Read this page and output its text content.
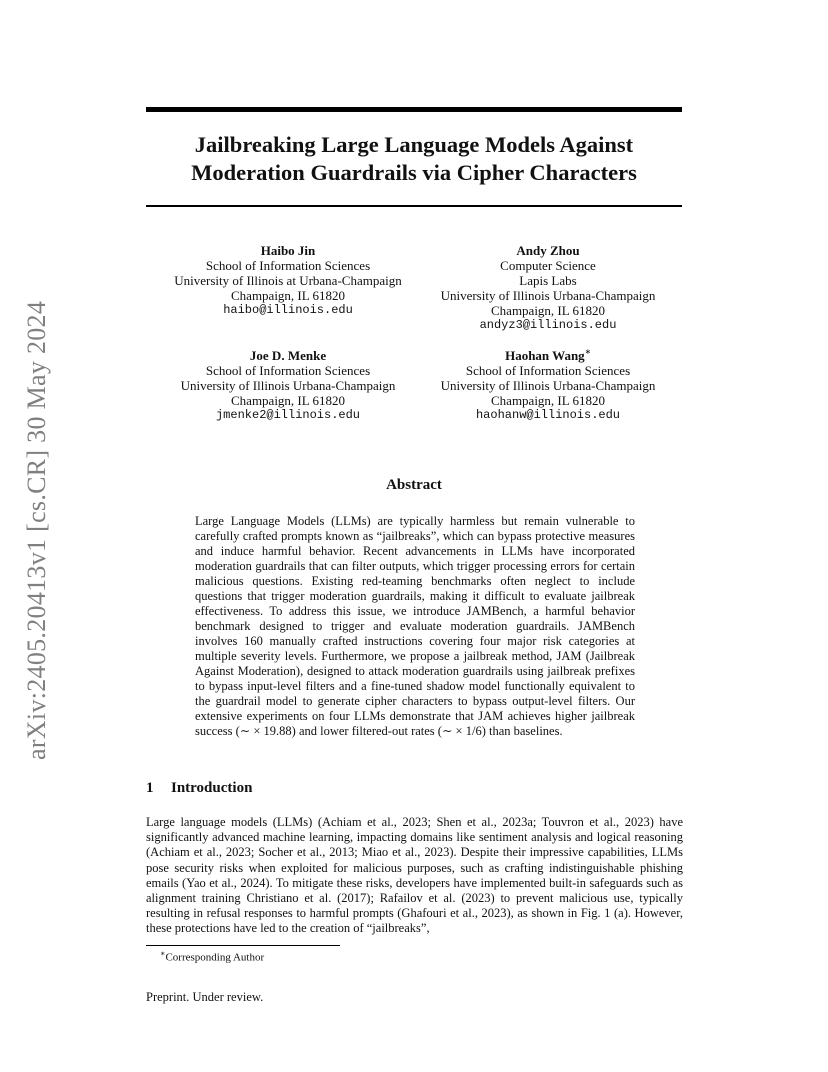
arXiv:2405.20413v1 [cs.CR] 30 May 2024
Jailbreaking Large Language Models Against
Moderation Guardrails via Cipher Characters
Haibo Jin
School of Information Sciences
University of Illinois at Urbana-Champaign
Champaign, IL 61820
haibo@illinois.edu
Andy Zhou
Computer Science
Lapis Labs
University of Illinois Urbana-Champaign
Champaign, IL 61820
andyz3@illinois.edu
Joe D. Menke
School of Information Sciences
University of Illinois Urbana-Champaign
Champaign, IL 61820
jmenke2@illinois.edu
Haohan Wang∗
School of Information Sciences
University of Illinois Urbana-Champaign
Champaign, IL 61820
haohanw@illinois.edu
Abstract
Large Language Models (LLMs) are typically harmless but remain vulnerable to carefully crafted prompts known as “jailbreaks”, which can bypass protective measures and induce harmful behavior. Recent advancements in LLMs have incorporated moderation guardrails that can filter outputs, which trigger processing errors for certain malicious questions. Existing red-teaming benchmarks often neglect to include questions that trigger moderation guardrails, making it difficult to evaluate jailbreak effectiveness. To address this issue, we introduce JAMBench, a harmful behavior benchmark designed to trigger and evaluate moderation guardrails. JAMBench involves 160 manually crafted instructions covering four major risk categories at multiple severity levels. Furthermore, we propose a jailbreak method, JAM (Jailbreak Against Moderation), designed to attack moderation guardrails using jailbreak prefixes to bypass input-level filters and a fine-tuned shadow model functionally equivalent to the guardrail model to generate cipher characters to bypass output-level filters. Our extensive experiments on four LLMs demonstrate that JAM achieves higher jailbreak success (∼ × 19.88) and lower filtered-out rates (∼ × 1/6) than baselines.
1 Introduction
Large language models (LLMs) (Achiam et al., 2023; Shen et al., 2023a; Touvron et al., 2023) have significantly advanced machine learning, impacting domains like sentiment analysis and logical reasoning (Achiam et al., 2023; Socher et al., 2013; Miao et al., 2023). Despite their impressive capabilities, LLMs pose security risks when exploited for malicious purposes, such as crafting indistinguishable phishing emails (Yao et al., 2024). To mitigate these risks, developers have implemented built-in safeguards such as alignment training Christiano et al. (2017); Rafailov et al. (2023) to prevent malicious use, typically resulting in refusal responses to harmful prompts (Ghafouri et al., 2023), as shown in Fig. 1 (a). However, these protections have led to the creation of “jailbreaks”,
∗Corresponding Author
Preprint. Under review.
